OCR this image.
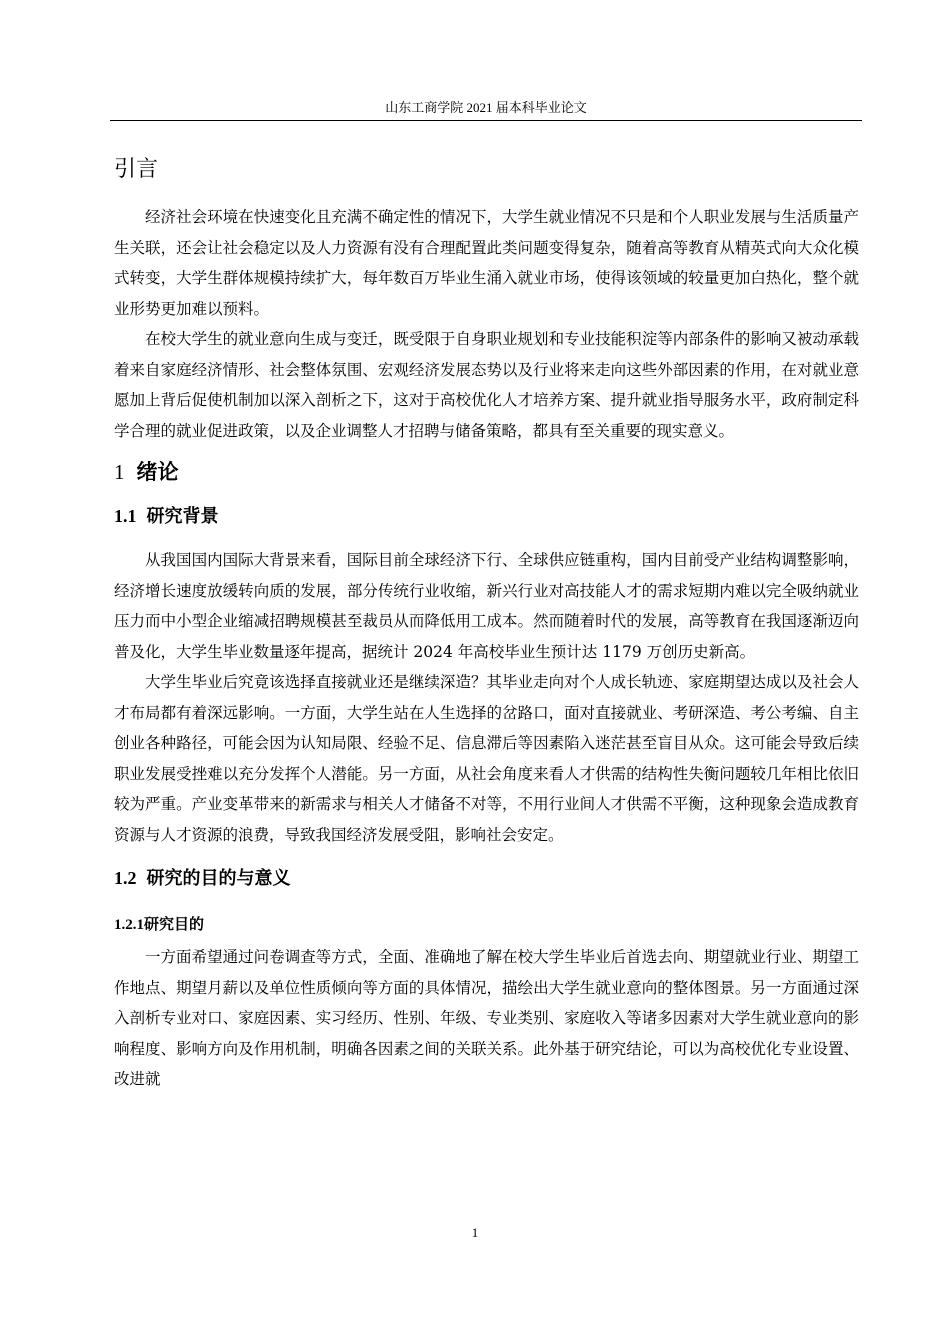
山东工商学院 2021 届本科毕业论文
引言

经济社会环境在快速变化且充满不确定性的情况下，大学生就业情况不只是和个人职业发展与生活质量产生关联，还会让社会稳定以及人力资源有没有合理配置此类问题变得复杂，随着高等教育从精英式向大众化模式转变，大学生群体规模持续扩大，每年数百万毕业生涌入就业市场，使得该领域的较量更加白热化，整个就业形势更加难以预料。

在校大学生的就业意向生成与变迁，既受限于自身职业规划和专业技能积淀等内部条件的影响又被动承载着来自家庭经济情形、社会整体氛围、宏观经济发展态势以及行业将来走向这些外部因素的作用，在对就业意愿加上背后促使机制加以深入剖析之下，这对于高校优化人才培养方案、提升就业指导服务水平，政府制定科学合理的就业促进政策，以及企业调整人才招聘与储备策略，都具有至关重要的现实意义。

1 绪论
1.1 研究背景

从我国国内国际大背景来看，国际目前全球经济下行、全球供应链重构，国内目前受产业结构调整影响，经济增长速度放缓转向质的发展，部分传统行业收缩，新兴行业对高技能人才的需求短期内难以完全吸纳就业压力而中小型企业缩减招聘规模甚至裁员从而降低用工成本。然而随着时代的发展，高等教育在我国逐渐迈向普及化，大学生毕业数量逐年提高，据统计 2024 年高校毕业生预计达 1179 万创历史新高。

大学生毕业后究竟该选择直接就业还是继续深造？其毕业走向对个人成长轨迹、家庭期望达成以及社会人才布局都有着深远影响。一方面，大学生站在人生选择的岔路口，面对直接就业、考研深造、考公考编、自主创业各种路径，可能会因为认知局限、经验不足、信息滞后等因素陷入迷茫甚至盲目从众。这可能会导致后续职业发展受挫难以充分发挥个人潜能。另一方面，从社会角度来看人才供需的结构性失衡问题较几年相比依旧较为严重。产业变革带来的新需求与相关人才储备不对等，不用行业间人才供需不平衡，这种现象会造成教育资源与人才资源的浪费，导致我国经济发展受阻，影响社会安定。

1.2 研究的目的与意义
1.2.1研究目的

一方面希望通过问卷调查等方式，全面、准确地了解在校大学生毕业后首选去向、期望就业行业、期望工作地点、期望月薪以及单位性质倾向等方面的具体情况，描绘出大学生就业意向的整体图景。另一方面通过深入剖析专业对口、家庭因素、实习经历、性别、年级、专业类别、家庭收入等诸多因素对大学生就业意向的影响程度、影响方向及作用机制，明确各因素之间的关联关系。此外基于研究结论，可以为高校优化专业设置、改进就

1
